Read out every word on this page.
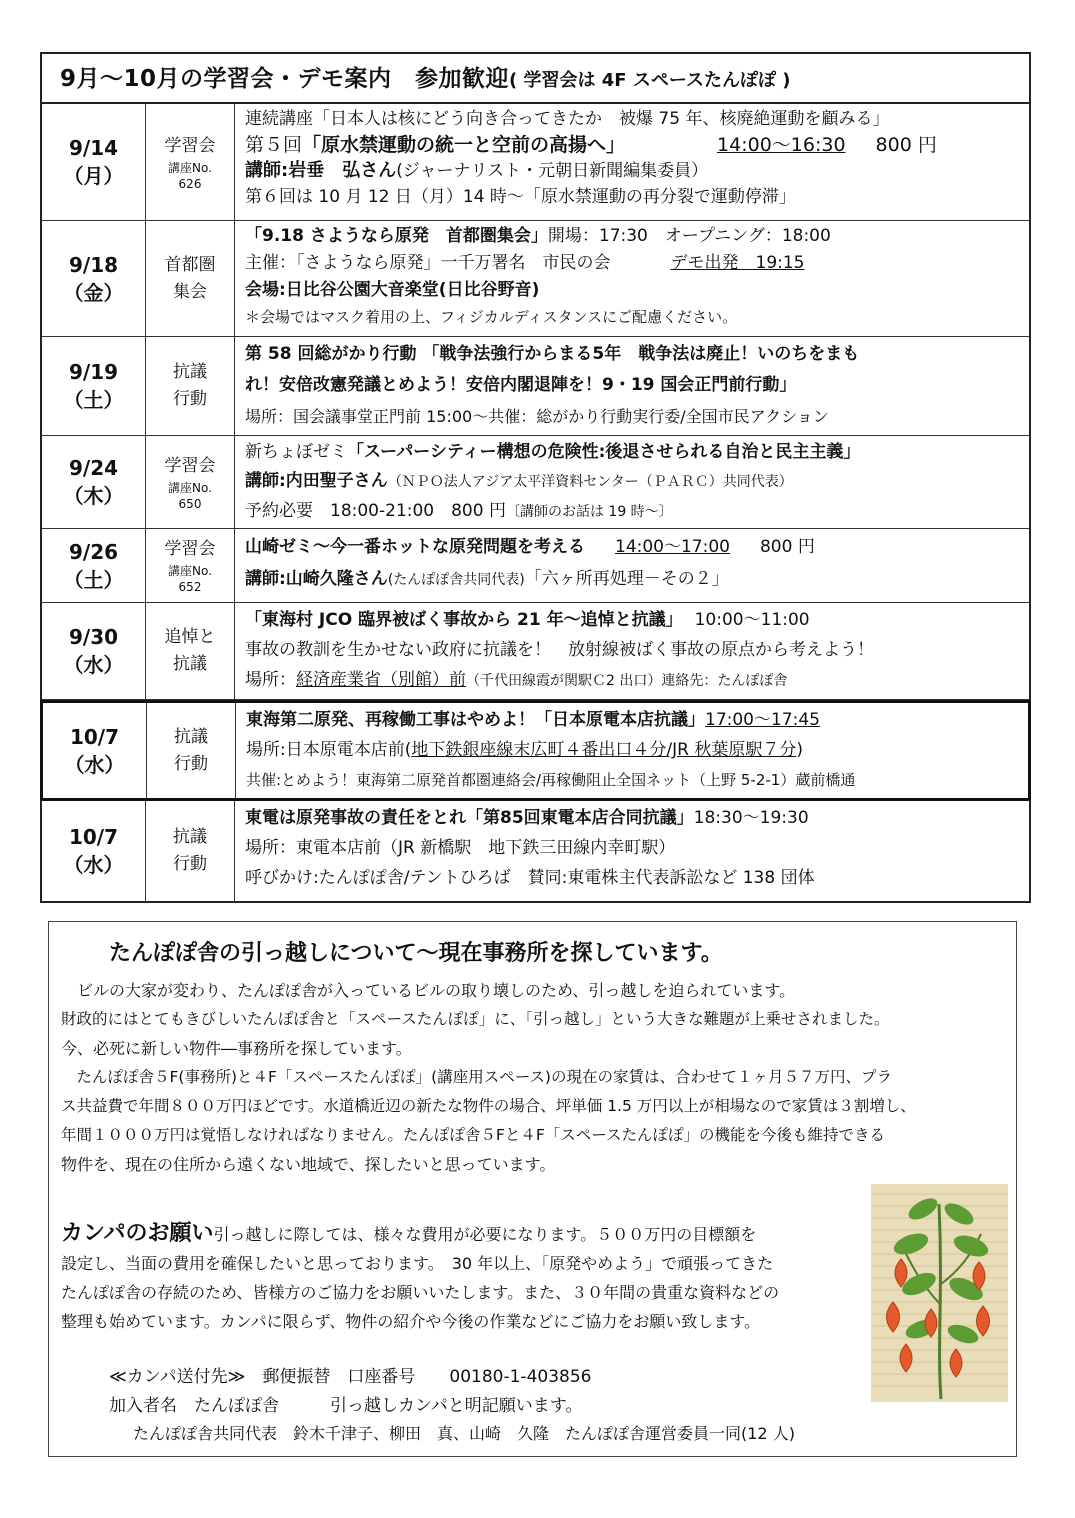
9月～10月の学習会・デモ案内　参加歓迎( 学習会は 4F スペースたんぽぽ )
9/14
（月）
学習会
講座No.
626
連続講座「日本人は核にどう向き合ってきたか　被爆 75 年、核廃絶運動を顧みる」
第５回「原水禁運動の統一と空前の高揚へ」	14:00～16:30 800 円
講師:岩垂　弘さん(ジャーナリスト・元朝日新聞編集委員）
第６回は 10 月 12 日（月）14 時～「原水禁運動の再分裂で運動停滞」
9/18
（金）
首都圏
集会
「9.18 さようなら原発　首都圏集会」開場：17:30　オープニング：18:00
主催：「さようなら原発」一千万署名　市民の会	デモ出発　19:15
会場:日比谷公園大音楽堂(日比谷野音)
＊会場ではマスク着用の上、フィジカルディスタンスにご配慮ください。
9/19
（土）
抗議
行動
第 58 回総がかり行動 「戦争法強行からまる5年　戦争法は廃止！いのちをまも
れ！安倍改憲発議とめよう！安倍内閣退陣を！9・19 国会正門前行動」
場所：国会議事堂正門前 15:00～共催：総がかり行動実行委/全国市民アクション
9/24
（木）
学習会
講座No.
650
新ちょぼゼミ「スーパーシティー構想の危険性:後退させられる自治と民主主義」
講師:内田聖子さん（ＮＰＯ法人アジア太平洋資料センター（ＰＡＲＣ）共同代表）
予約必要　18:00-21:00　800 円〔講師のお話は 19 時～〕
9/26
（土）
学習会
講座No.
652
山崎ゼミ～今一番ホットな原発問題を考える 14:00～17:00 800 円
講師:山崎久隆さん(たんぽぽ舎共同代表)「六ヶ所再処理－その２」
9/30
（水）
追悼と
抗議
「東海村 JCO 臨界被ばく事故から 21 年～追悼と抗議」 10:00～11:00
事故の教訓を生かせない政府に抗議を！　放射線被ばく事故の原点から考えよう！
場所：経済産業省（別館）前（千代田線霞が関駅Ｃ2 出口）連絡先：たんぽぽ舎
10/7
（水）
抗議
行動
東海第二原発、再稼働工事はやめよ！「日本原電本店抗議」17:00～17:45
場所:日本原電本店前(地下鉄銀座線末広町４番出口４分/JR 秋葉原駅７分)
共催:とめよう！東海第二原発首都圏連絡会/再稼働阻止全国ネット（上野 5-2-1）蔵前橋通
10/7
（水）
抗議
行動
東電は原発事故の責任をとれ「第85回東電本店合同抗議」18:30～19:30
場所：東電本店前（JR 新橋駅　地下鉄三田線内幸町駅）
呼びかけ:たんぽぽ舎/テントひろば　賛同:東電株主代表訴訟など 138 団体
たんぽぽ舎の引っ越しについて～現在事務所を探しています。
　ビルの大家が変わり、たんぽぽ舎が入っているビルの取り壊しのため、引っ越しを迫られています。
財政的にはとてもきびしいたんぽぽ舎と「スペースたんぽぽ」に、「引っ越し」という大きな難題が上乗せされました。
今、必死に新しい物件―事務所を探しています。
　たんぽぽ舎５F(事務所)と４F「スペースたんぽぽ」(講座用スペース)の現在の家賃は、合わせて１ヶ月５７万円、プラ
ス共益費で年間８００万円ほどです。水道橋近辺の新たな物件の場合、坪単価 1.5 万円以上が相場なので家賃は３割増し、
年間１０００万円は覚悟しなければなりません。たんぽぽ舎５Fと４F「スペースたんぽぽ」の機能を今後も維持できる
物件を、現在の住所から遠くない地域で、探したいと思っています。
カンパのお願い引っ越しに際しては、様々な費用が必要になります。５００万円の目標額を
設定し、当面の費用を確保したいと思っております。　30 年以上、「原発やめよう」で頑張ってきた
たんぽぽ舎の存続のため、皆様方のご協力をお願いいたします。また、３０年間の貴重な資料などの
整理も始めています。カンパに限らず、物件の紹介や今後の作業などにご協力をお願い致します。
≪カンパ送付先≫　郵便振替　口座番号　　00180-1-403856
加入者名　たんぽぽ舎　　　引っ越しカンパと明記願います。
たんぽぽ舎共同代表　鈴木千津子、柳田　真、山崎　久隆　たんぽぽ舎運営委員一同(12 人)
